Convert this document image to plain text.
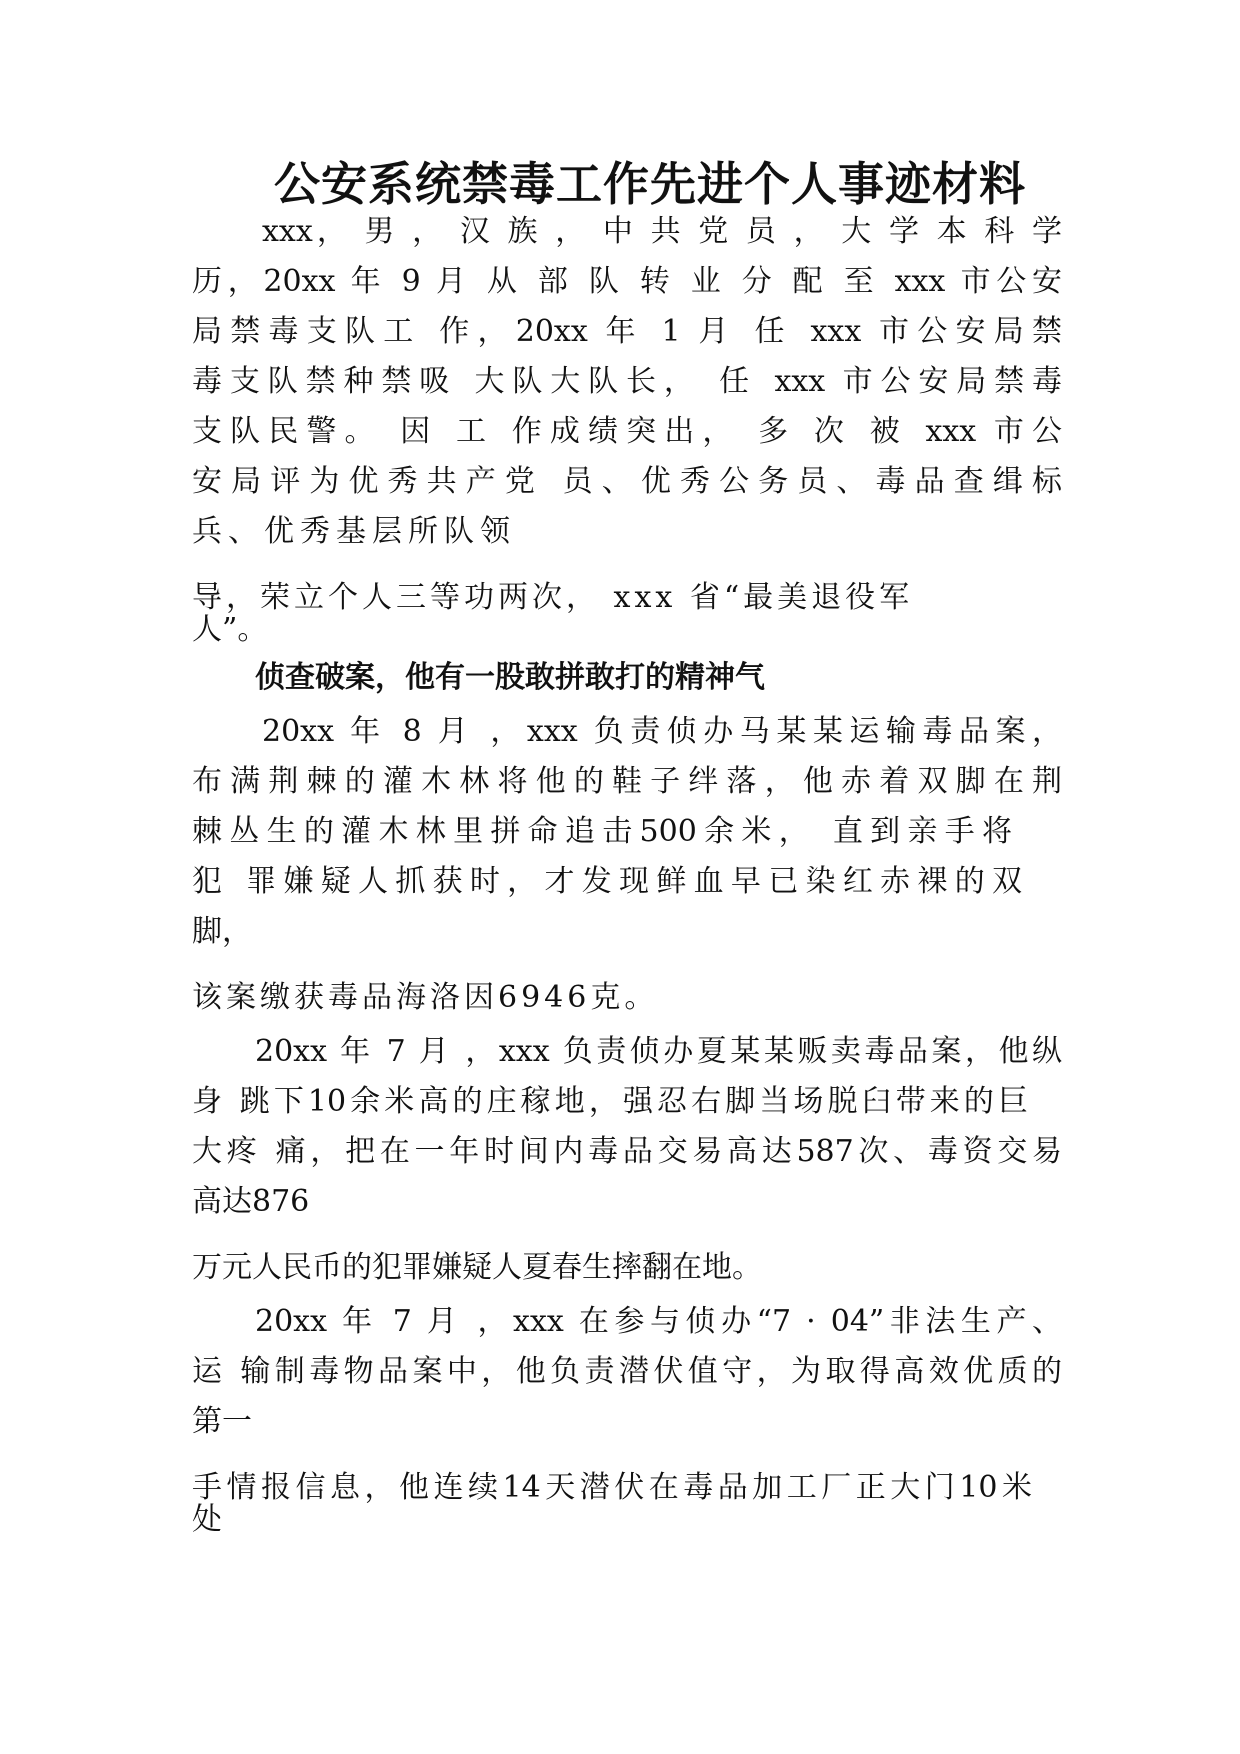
公安系统禁毒工作先进个人事迹材料
xxx， 男 ， 汉 族 ， 中 共 党 员 ， 大 学 本 科 学
历，20xx 年 9 月 从 部 队 转 业 分 配 至 xxx 市公安
局禁毒支队工 作，20xx 年 1 月 任 xxx 市公安局禁
毒支队禁种禁吸 大队大队长， 任 xxx 市公安局禁毒
支队民警。 因 工 作成绩突出， 多 次 被 xxx 市公
安局评为优秀共产党 员、优秀公务员、毒品查缉标
兵、优秀基层所队领
导，荣立个人三等功两次， xxx 省“最美退役军
人”。
侦查破案，他有一股敢拼敢打的精神气
20xx 年 8 月 ，xxx 负责侦办马某某运输毒品案，
布满荆棘的灌木林将他的鞋子绊落，他赤着双脚在荆
棘丛生的灌木林里拼命追击500余米， 直到亲手将
犯 罪嫌疑人抓获时，才发现鲜血早已染红赤裸的双
脚，
该案缴获毒品海洛因6946克。
20xx 年 7 月 ，xxx 负责侦办夏某某贩卖毒品案，他纵
身 跳下10余米高的庄稼地，强忍右脚当场脱臼带来的巨
大疼 痛，把在一年时间内毒品交易高达587次、毒资交易
高达876
万元人民币的犯罪嫌疑人夏春生摔翻在地。
20xx 年 7 月 ，xxx 在参与侦办“7 · 04”非法生产、
运 输制毒物品案中，他负责潜伏值守，为取得高效优质的
第一
手情报信息，他连续14天潜伏在毒品加工厂正大门10米
处
